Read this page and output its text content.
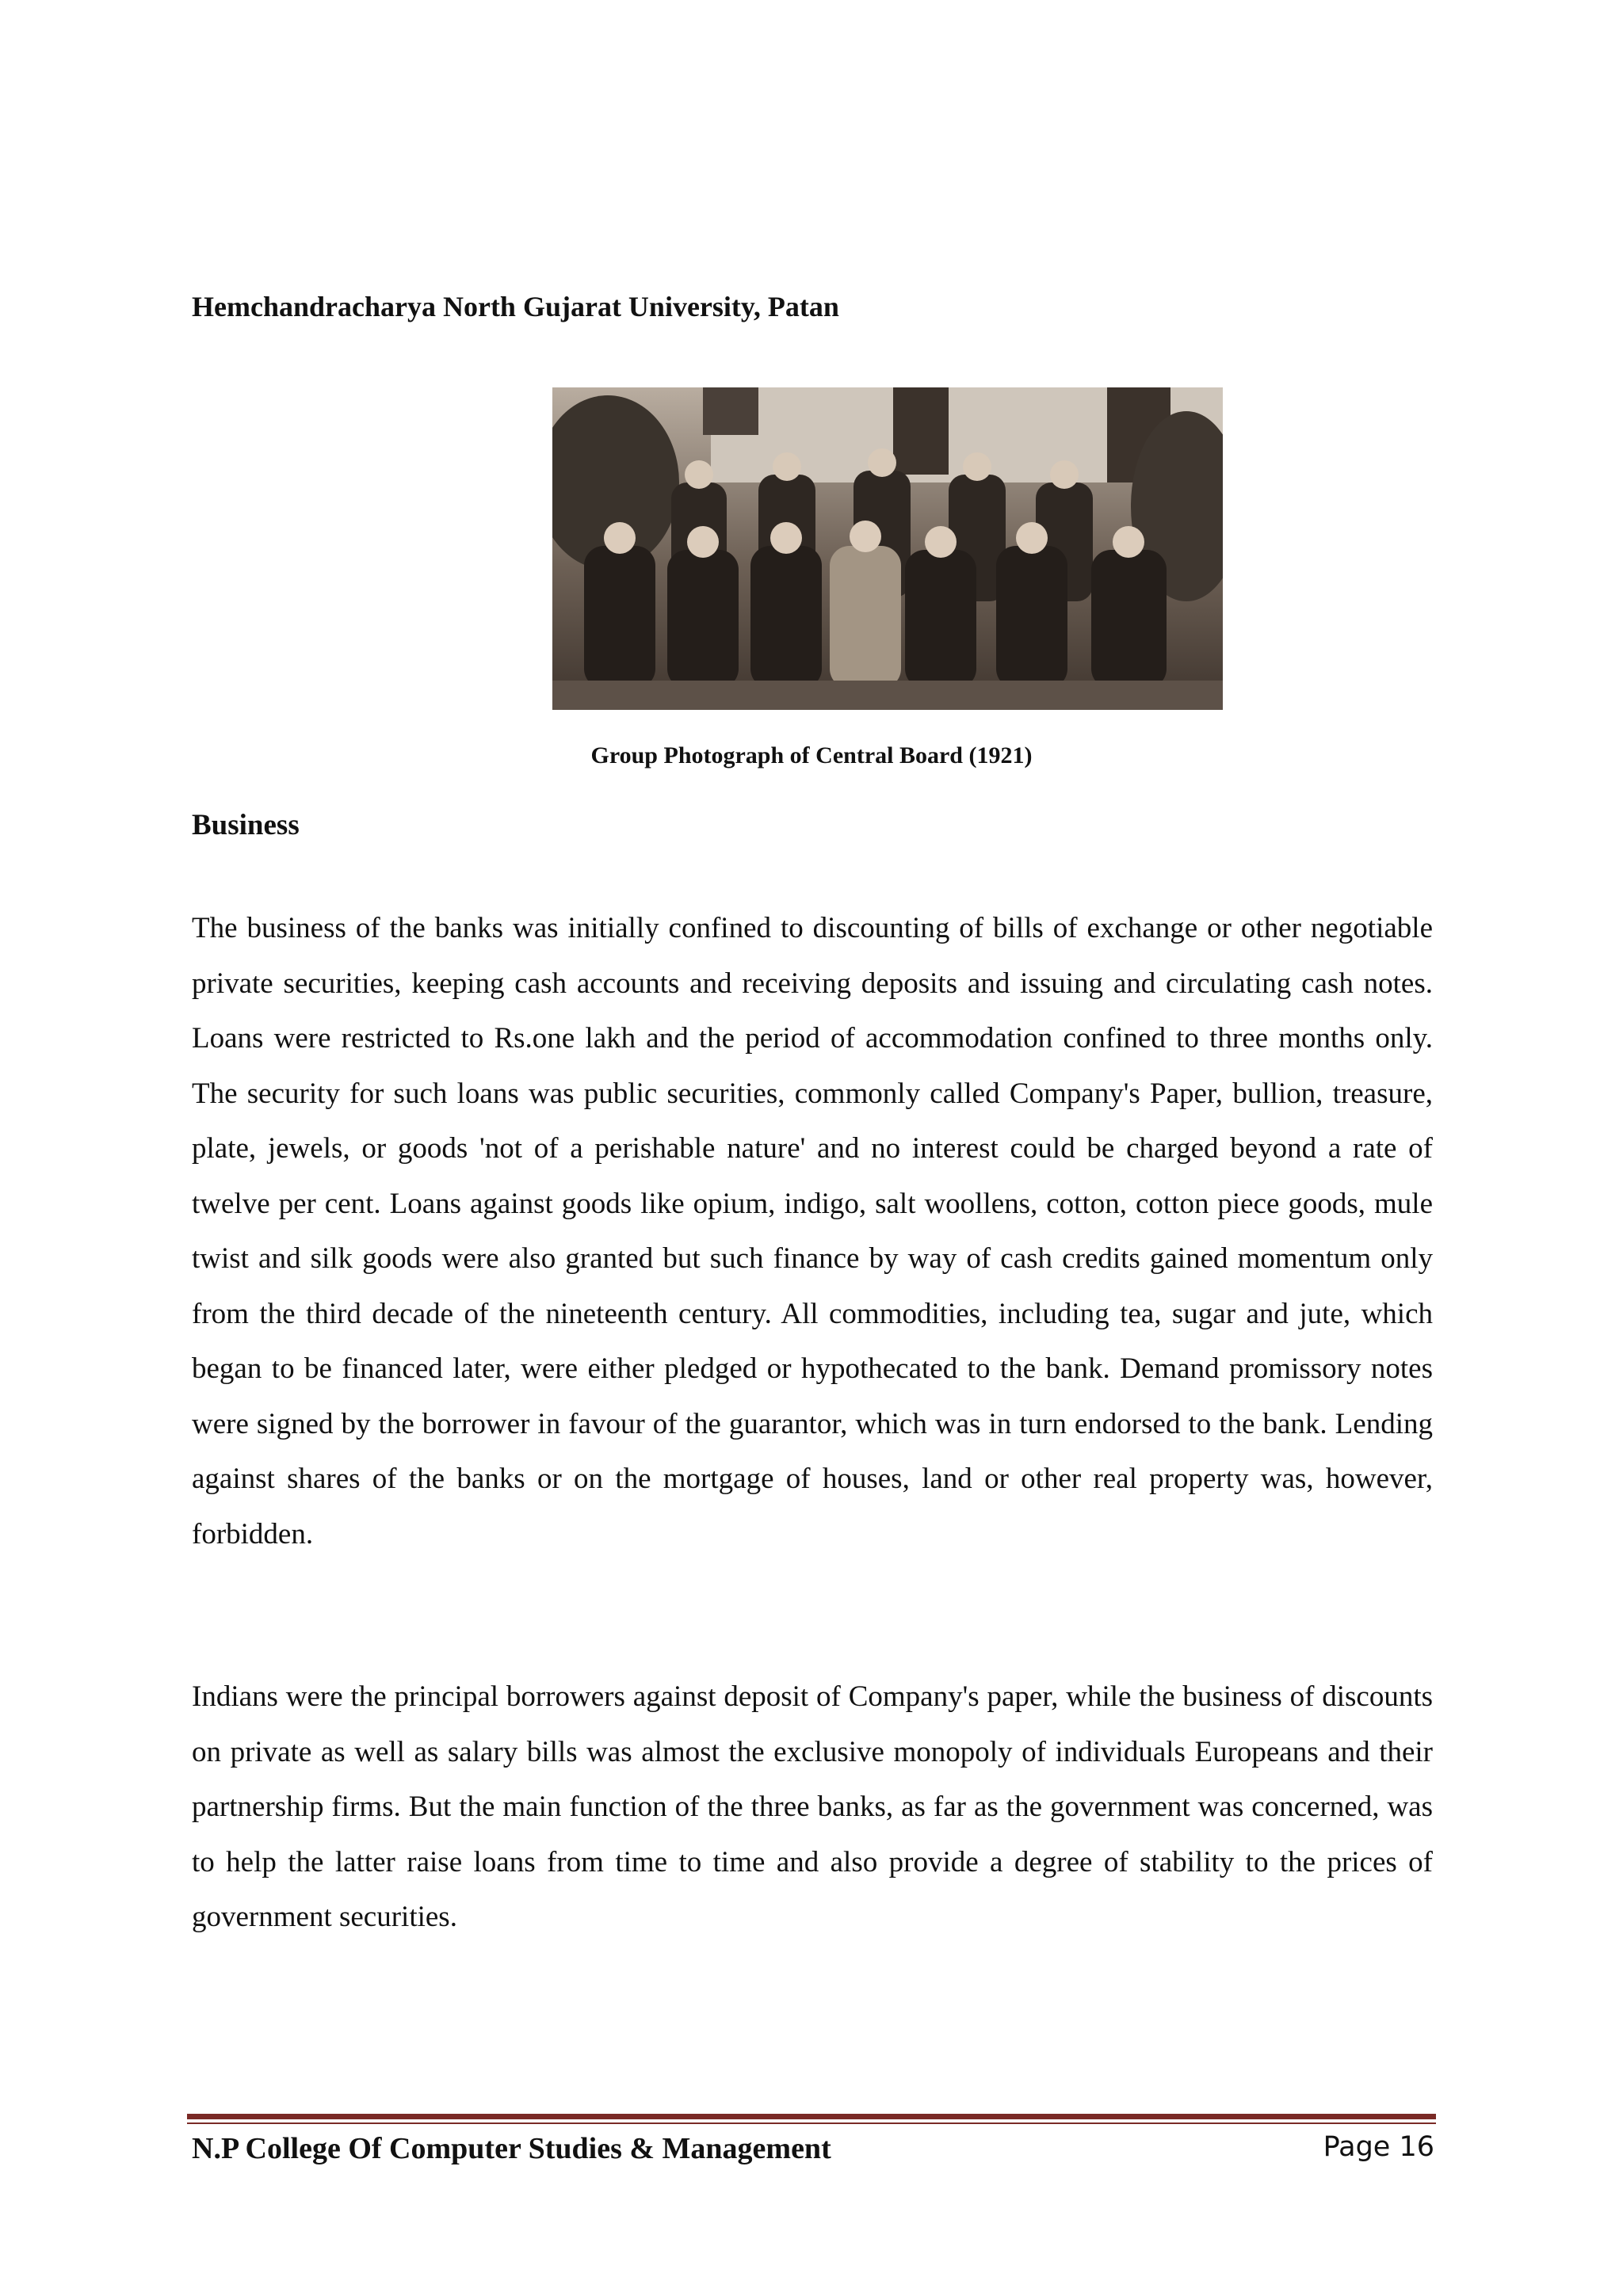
Hemchandracharya North Gujarat University, Patan
Group Photograph of Central Board (1921)
Business

The business of the banks was initially confined to discounting of bills of exchange or other negotiable private securities, keeping cash accounts and receiving deposits and issuing and circulating cash notes. Loans were restricted to Rs.one lakh and the period of accommodation confined to three months only. The security for such loans was public securities, commonly called Company's Paper, bullion, treasure, plate, jewels, or goods 'not of a perishable nature' and no interest could be charged beyond a rate of twelve per cent. Loans against goods like opium, indigo, salt woollens, cotton, cotton piece goods, mule twist and silk goods were also granted but such finance by way of cash credits gained momentum only from the third decade of the nineteenth century. All commodities, including tea, sugar and jute, which began to be financed later, were either pledged or hypothecated to the bank. Demand promissory notes were signed by the borrower in favour of the guarantor, which was in turn endorsed to the bank. Lending against shares of the banks or on the mortgage of houses, land or other real property was, however, forbidden.

Indians were the principal borrowers against deposit of Company's paper, while the business of discounts on private as well as salary bills was almost the exclusive monopoly of individuals Europeans and their partnership firms. But the main function of the three banks, as far as the government was concerned, was to help the latter raise loans from time to time and also provide a degree of stability to the prices of government securities.

N.P College Of Computer Studies & Management	Page 16
